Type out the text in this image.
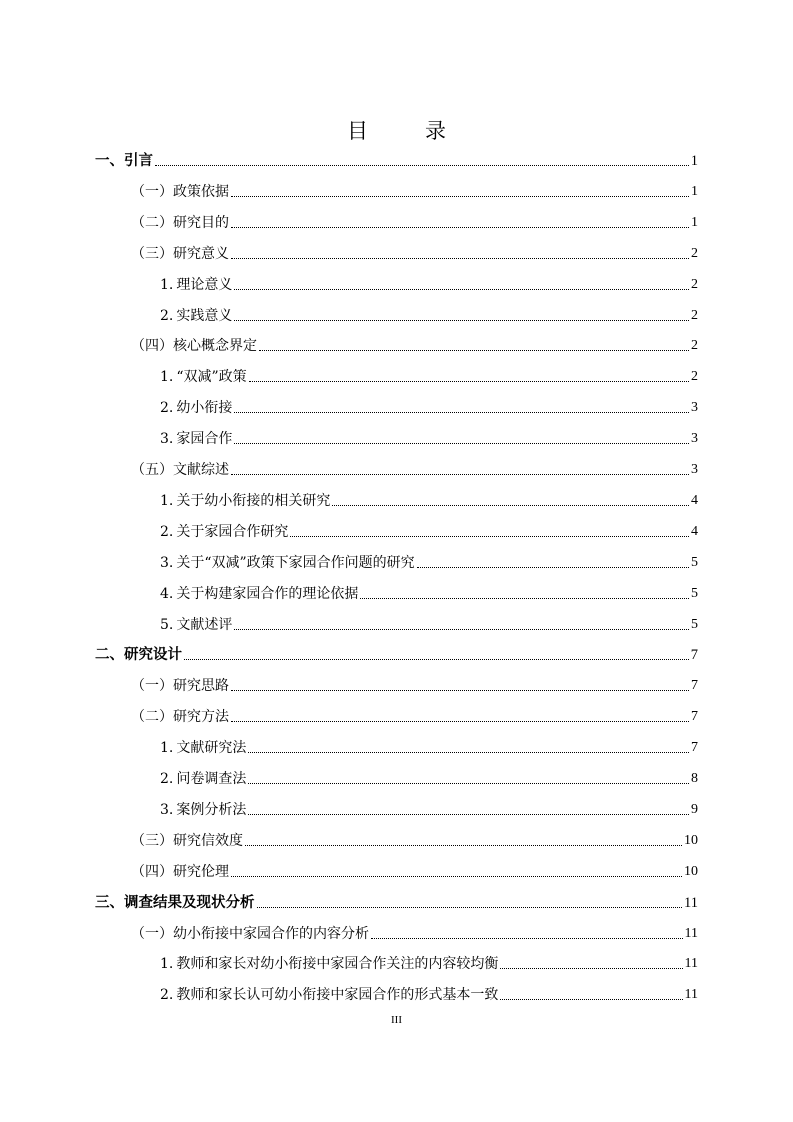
目　录
一、引言	1
（一）政策依据	1
（二）研究目的	1
（三）研究意义	2
1. 理论意义	2
2. 实践意义	2
（四）核心概念界定	2
1. “双减”政策	2
2. 幼小衔接	3
3. 家园合作	3
（五）文献综述	3
1. 关于幼小衔接的相关研究	4
2. 关于家园合作研究	4
3. 关于“双减”政策下家园合作问题的研究	5
4. 关于构建家园合作的理论依据	5
5. 文献述评	5
二、研究设计	7
（一）研究思路	7
（二）研究方法	7
1. 文献研究法	7
2. 问卷调查法	8
3. 案例分析法	9
（三）研究信效度	10
（四）研究伦理	10
三、调查结果及现状分析	11
（一）幼小衔接中家园合作的内容分析	11
1. 教师和家长对幼小衔接中家园合作关注的内容较均衡	11
2. 教师和家长认可幼小衔接中家园合作的形式基本一致	11
III
